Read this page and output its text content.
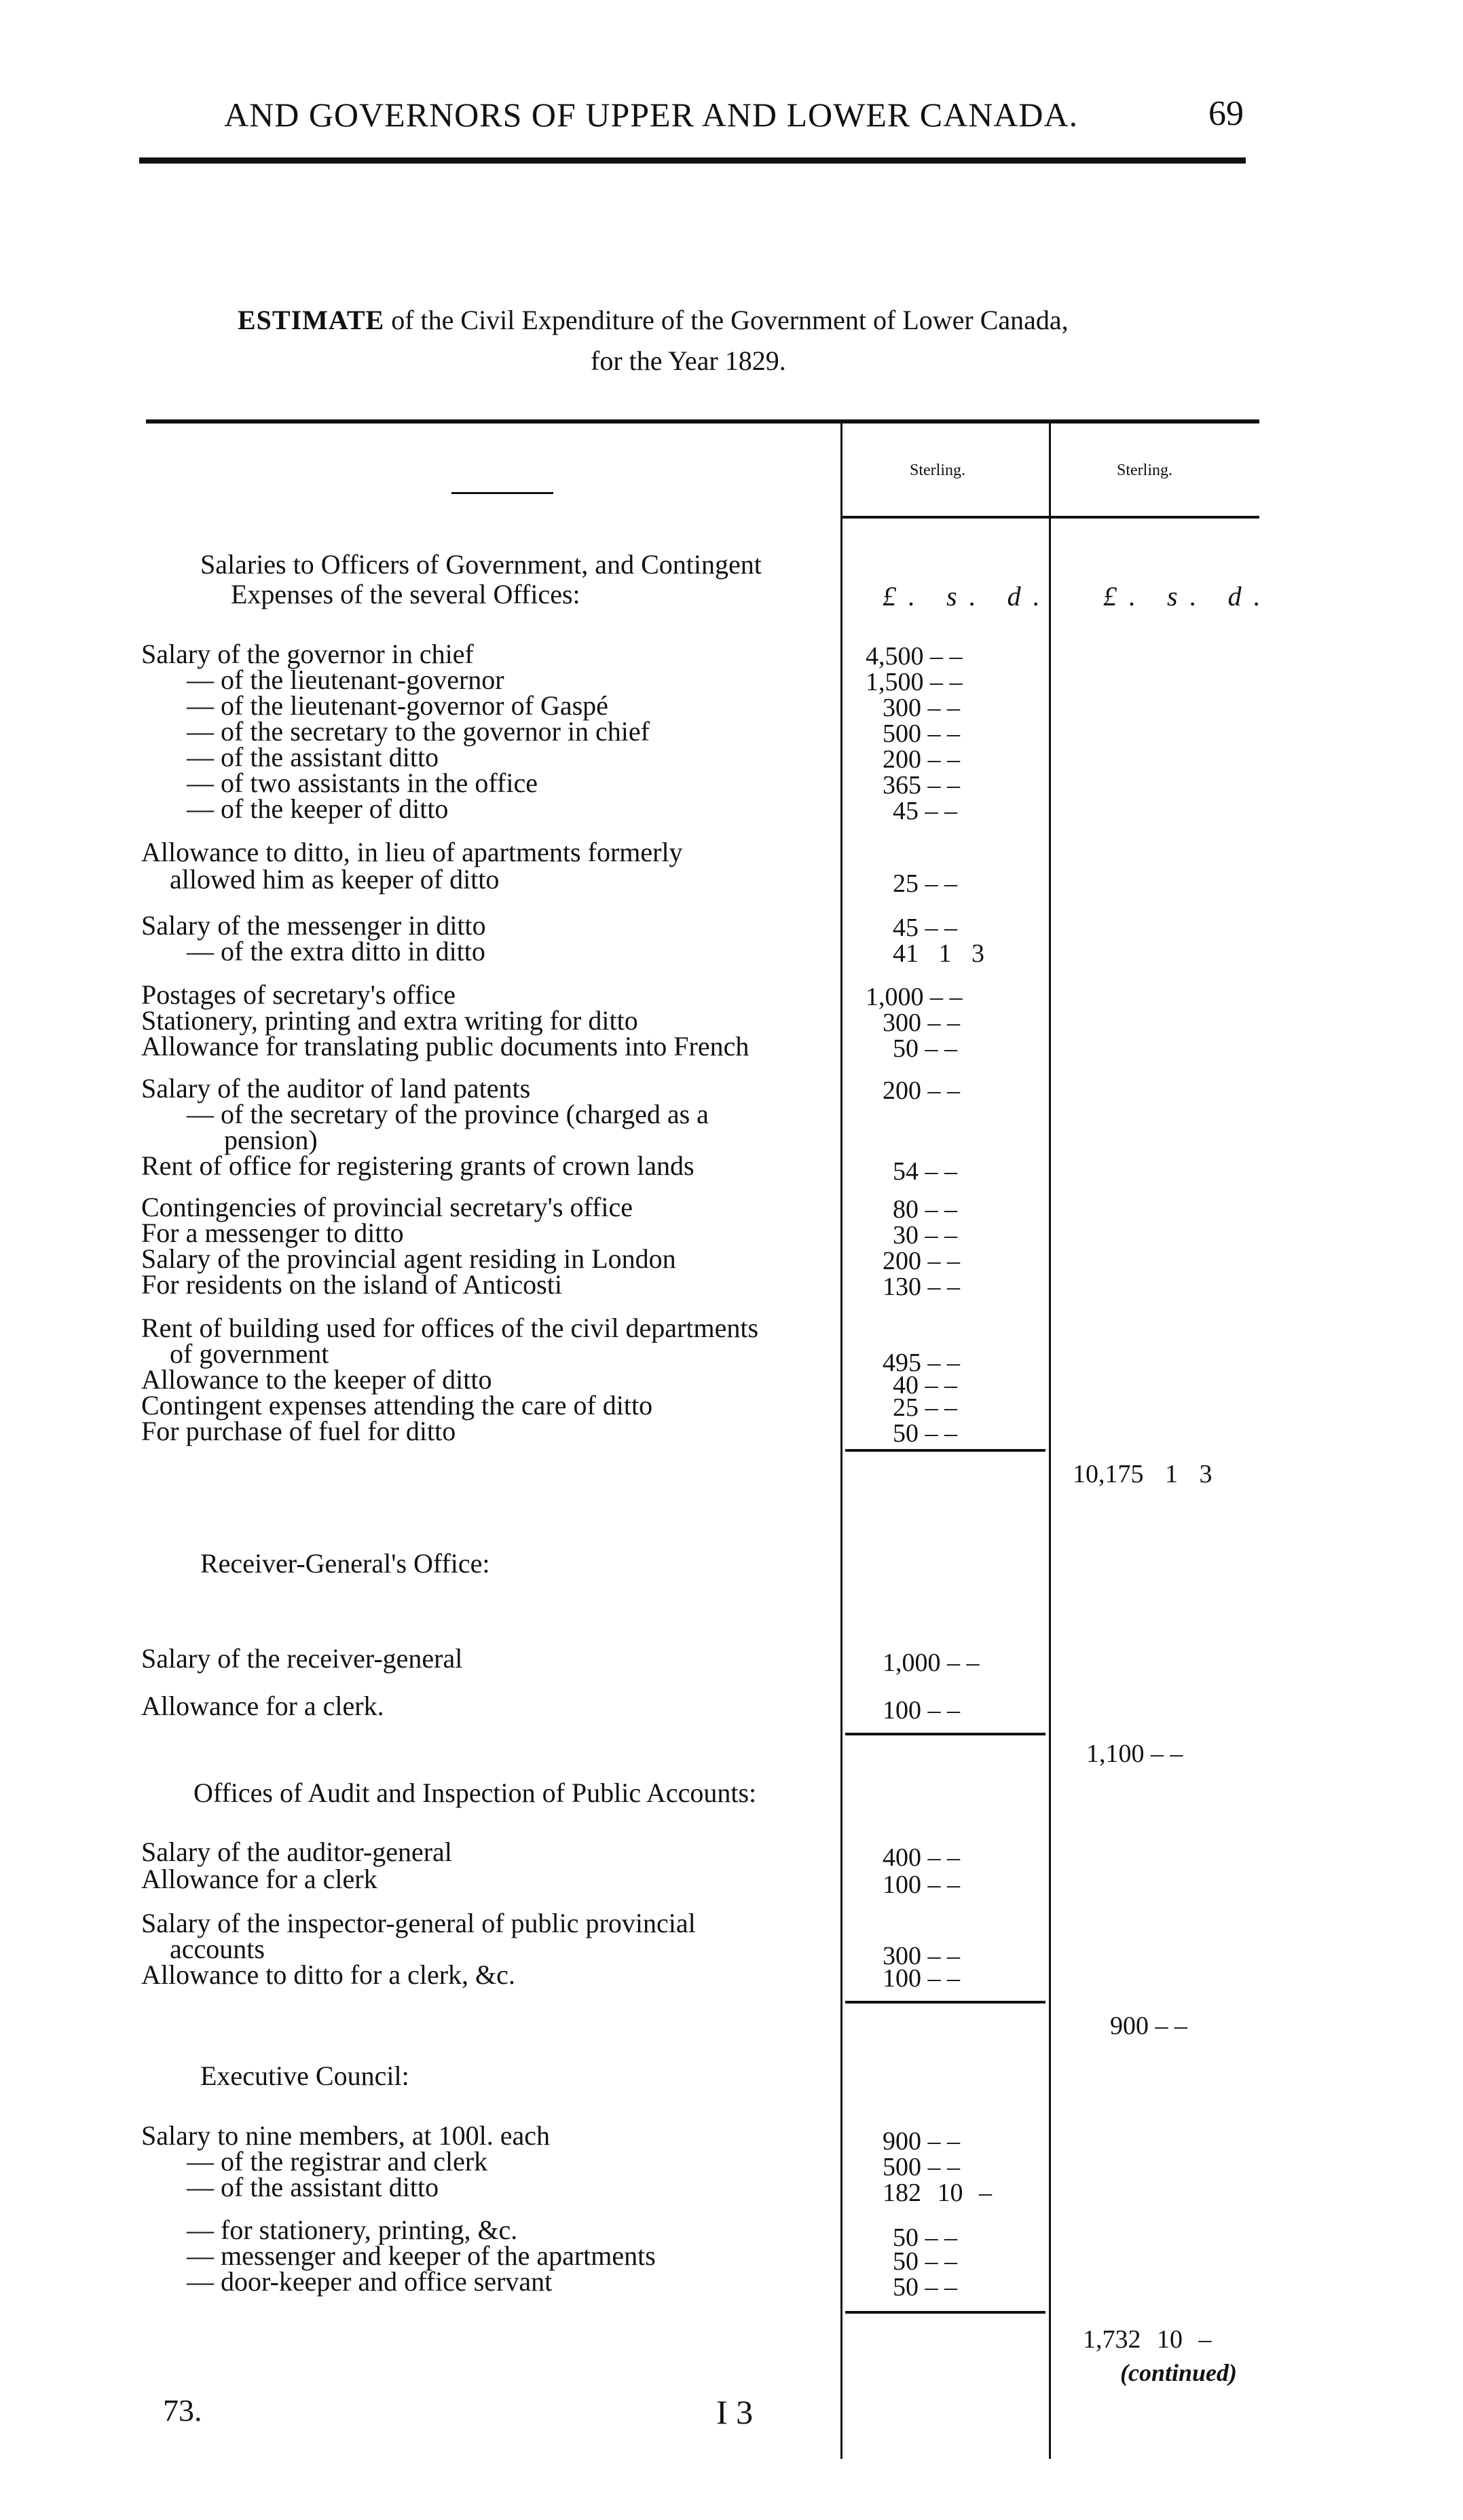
AND GOVERNORS OF UPPER AND LOWER CANADA.	69
ESTIMATE of the Civil Expenditure of the Government of Lower Canada,
for the Year 1829.
Sterling.	Sterling.
£. s. d. £. s. d.
Salaries to Officers of Government, and Contingent
Expenses of the several Offices:
Salary of the governor in chief	4,500 – –
— of the lieutenant-governor	1,500 – –
— of the lieutenant-governor of Gaspé	300 – –
— of the secretary to the governor in chief	500 – –
— of the assistant ditto	200 – –
— of two assistants in the office	365 – –
— of the keeper of ditto	45 – –
Allowance to ditto, in lieu of apartments formerly
allowed him as keeper of ditto	25 – –
Salary of the messenger in ditto	45 – –
— of the extra ditto in ditto	41 1 3
Postages of secretary's office	1,000 – –
Stationery, printing and extra writing for ditto	300 – –
Allowance for translating public documents into French	50 – –
Salary of the auditor of land patents	200 – –
— of the secretary of the province (charged as a
pension)
Rent of office for registering grants of crown lands	54 – –
Contingencies of provincial secretary's office	80 – –
For a messenger to ditto	30 – –
Salary of the provincial agent residing in London	200 – –
For residents on the island of Anticosti	130 – –
Rent of building used for offices of the civil departments
of government	495 – –
Allowance to the keeper of ditto	40 – –
Contingent expenses attending the care of ditto	25 – –
For purchase of fuel for ditto	50 – –
10,175 1 3
Receiver-General's Office:
Salary of the receiver-general	1,000 – –
Allowance for a clerk.	100 – –
1,100 – –
Offices of Audit and Inspection of Public Accounts:
Salary of the auditor-general	400 – –
Allowance for a clerk	100 – –
Salary of the inspector-general of public provincial
accounts	300 – –
Allowance to ditto for a clerk, &c.	100 – –
900 – –
Executive Council:
Salary to nine members, at 100l. each	900 – –
— of the registrar and clerk	500 – –
— of the assistant ditto	182 10 –
— for stationery, printing, &c.	50 – –
— messenger and keeper of the apartments	50 – –
— door-keeper and office servant	50 – –
1,732 10 –
(continued)
73.	I 3
